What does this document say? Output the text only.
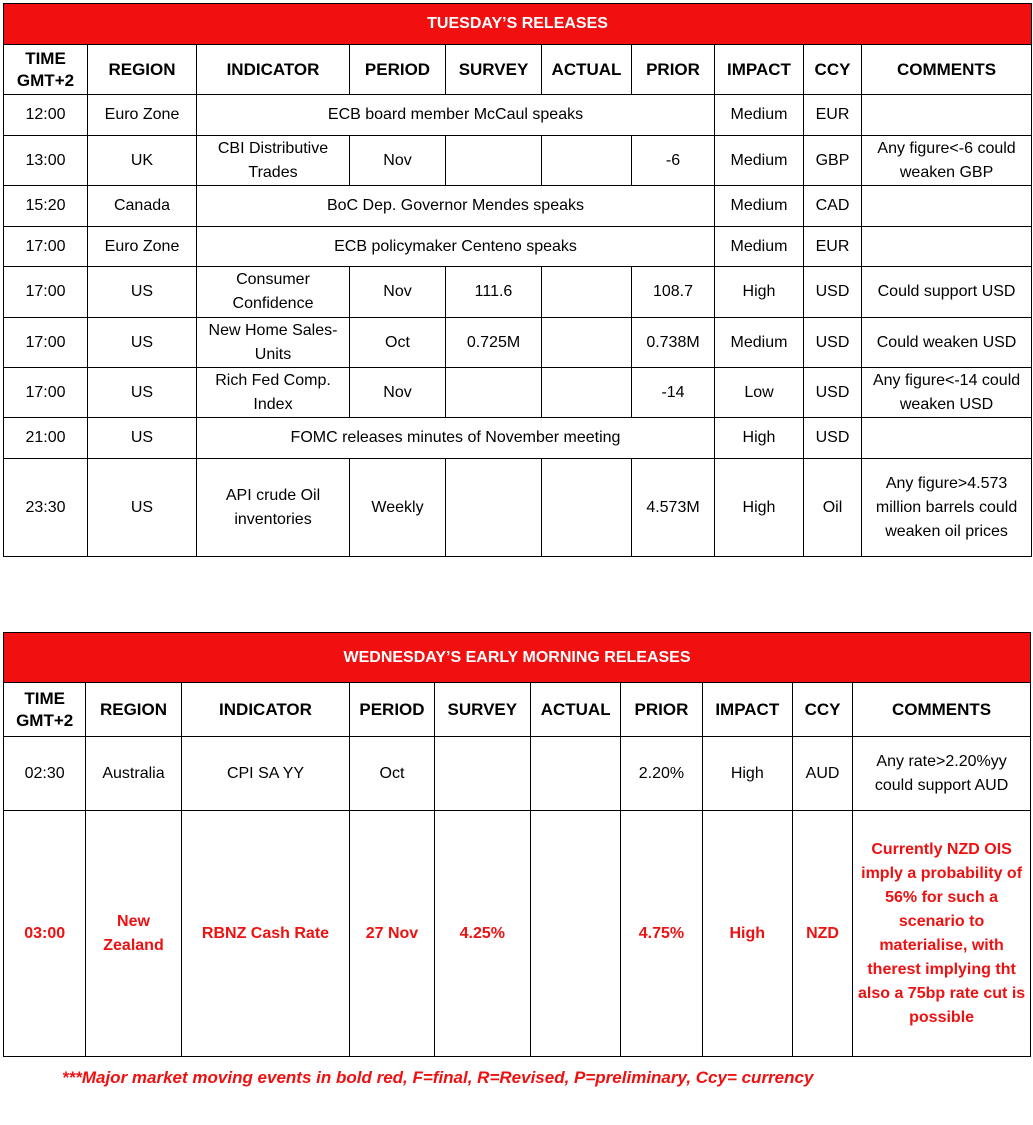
TUESDAY’S RELEASES									
TIME GMT+2	REGION	INDICATOR	PERIOD	SURVEY	ACTUAL	PRIOR	IMPACT	CCY	COMMENTS
12:00	Euro Zone	ECB board member McCaul speaks					Medium	EUR	
13:00	UK	CBI Distributive Trades	Nov			-6	Medium	GBP	Any figure<-6 could weaken GBP
15:20	Canada	BoC Dep. Governor Mendes speaks					Medium	CAD	
17:00	Euro Zone	ECB policymaker Centeno speaks					Medium	EUR	
17:00	US	Consumer Confidence	Nov	111.6		108.7	High	USD	Could support USD
17:00	US	New Home Sales-Units	Oct	0.725M		0.738M	Medium	USD	Could weaken USD
17:00	US	Rich Fed Comp. Index	Nov			-14	Low	USD	Any figure<-14 could weaken USD
21:00	US	FOMC releases minutes of November meeting					High	USD	
23:30	US	API crude Oil inventories	Weekly			4.573M	High	Oil	Any figure>4.573 million barrels could weaken oil prices
WEDNESDAY’S EARLY MORNING RELEASES									
TIME GMT+2	REGION	INDICATOR	PERIOD	SURVEY	ACTUAL	PRIOR	IMPACT	CCY	COMMENTS
02:30	Australia	CPI SA YY	Oct			2.20%	High	AUD	Any rate>2.20%yy could support AUD
03:00	New Zealand	RBNZ Cash Rate	27 Nov	4.25%		4.75%	High	NZD	Currently NZD OIS imply a probability of 56% for such a scenario to materialise, with therest implying tht also a 75bp rate cut is possible
***Major market moving events in bold red, F=final, R=Revised, P=preliminary, Ccy= currency
